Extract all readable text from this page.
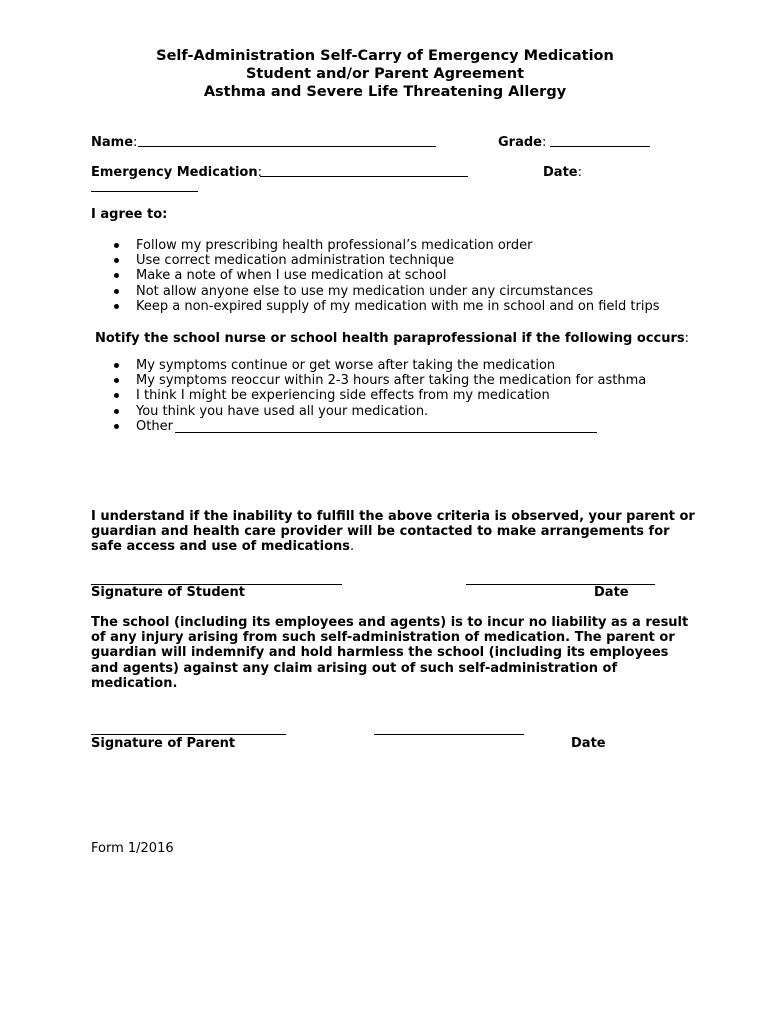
Self-Administration Self-Carry of Emergency Medication
Student and/or Parent Agreement
Asthma and Severe Life Threatening Allergy
Name:	Grade:
Emergency Medication:	Date:
I agree to:
Follow my prescribing health professional’s medication order
Use correct medication administration technique
Make a note of when I use medication at school
Not allow anyone else to use my medication under any circumstances
Keep a non-expired supply of my medication with me in school and on field trips
Notify the school nurse or school health paraprofessional if the following occurs:
My symptoms continue or get worse after taking the medication
My symptoms reoccur within 2-3 hours after taking the medication for asthma
I think I might be experiencing side effects from my medication
You think you have used all your medication.
Other
I understand if the inability to fulfill the above criteria is observed, your parent or
guardian and health care provider will be contacted to make arrangements for
safe access and use of medications.
Signature of Student	Date
The school (including its employees and agents) is to incur no liability as a result
of any injury arising from such self-administration of medication. The parent or
guardian will indemnify and hold harmless the school (including its employees
and agents) against any claim arising out of such self-administration of
medication.
Signature of Parent	Date
Form 1/2016
